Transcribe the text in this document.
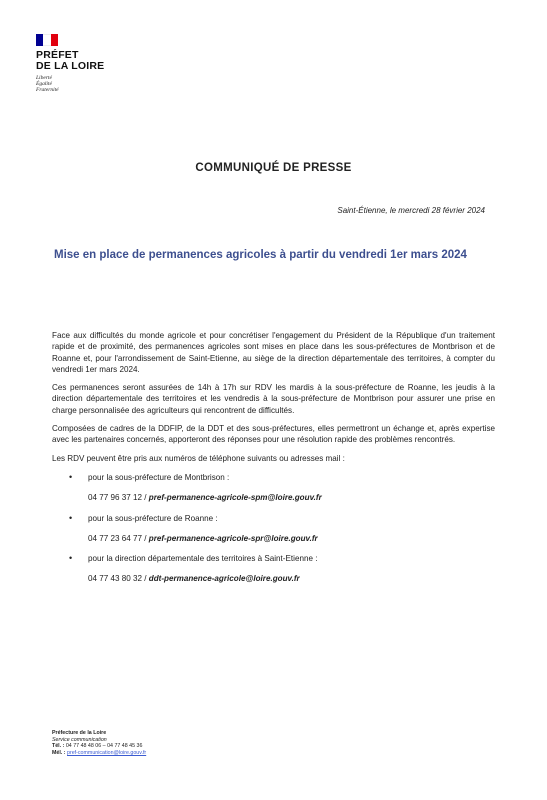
PRÉFET
DE LA LOIRE
Liberté
Égalité
Fraternité
COMMUNIQUÉ DE PRESSE
Saint-Étienne, le mercredi 28 février 2024
Mise en place de permanences agricoles à partir du vendredi 1er mars 2024

Face aux difficultés du monde agricole et pour concrétiser l'engagement du Président de la République d'un traitement rapide et de proximité, des permanences agricoles sont mises en place dans les sous-préfectures de Montbrison et de Roanne et, pour l'arrondissement de Saint-Etienne, au siège de la direction départementale des territoires, à compter du vendredi 1er mars 2024.

Ces permanences seront assurées de 14h à 17h sur RDV les mardis à la sous-préfecture de Roanne, les jeudis à la direction départementale des territoires et les vendredis à la sous-préfecture de Montbrison pour assurer une prise en charge personnalisée des agriculteurs qui rencontrent de difficultés.

Composées de cadres de la DDFIP, de la DDT et des sous-préfectures, elles permettront un échange et, après expertise avec les partenaires concernés, apporteront des réponses pour une résolution rapide des problèmes rencontrés.

Les RDV peuvent être pris aux numéros de téléphone suivants ou adresses mail :

• pour la sous-préfecture de Montbrison :
04 77 96 37 12 / pref-permanence-agricole-spm@loire.gouv.fr
• pour la sous-préfecture de Roanne :
04 77 23 64 77 / pref-permanence-agricole-spr@loire.gouv.fr
• pour la direction départementale des territoires à Saint-Etienne :
04 77 43 80 32 / ddt-permanence-agricole@loire.gouv.fr
Préfecture de la Loire
Service communication
Tél. : 04 77 48 48 06 – 04 77 48 45 36
Mél. : pref-communication@loire.gouv.fr
